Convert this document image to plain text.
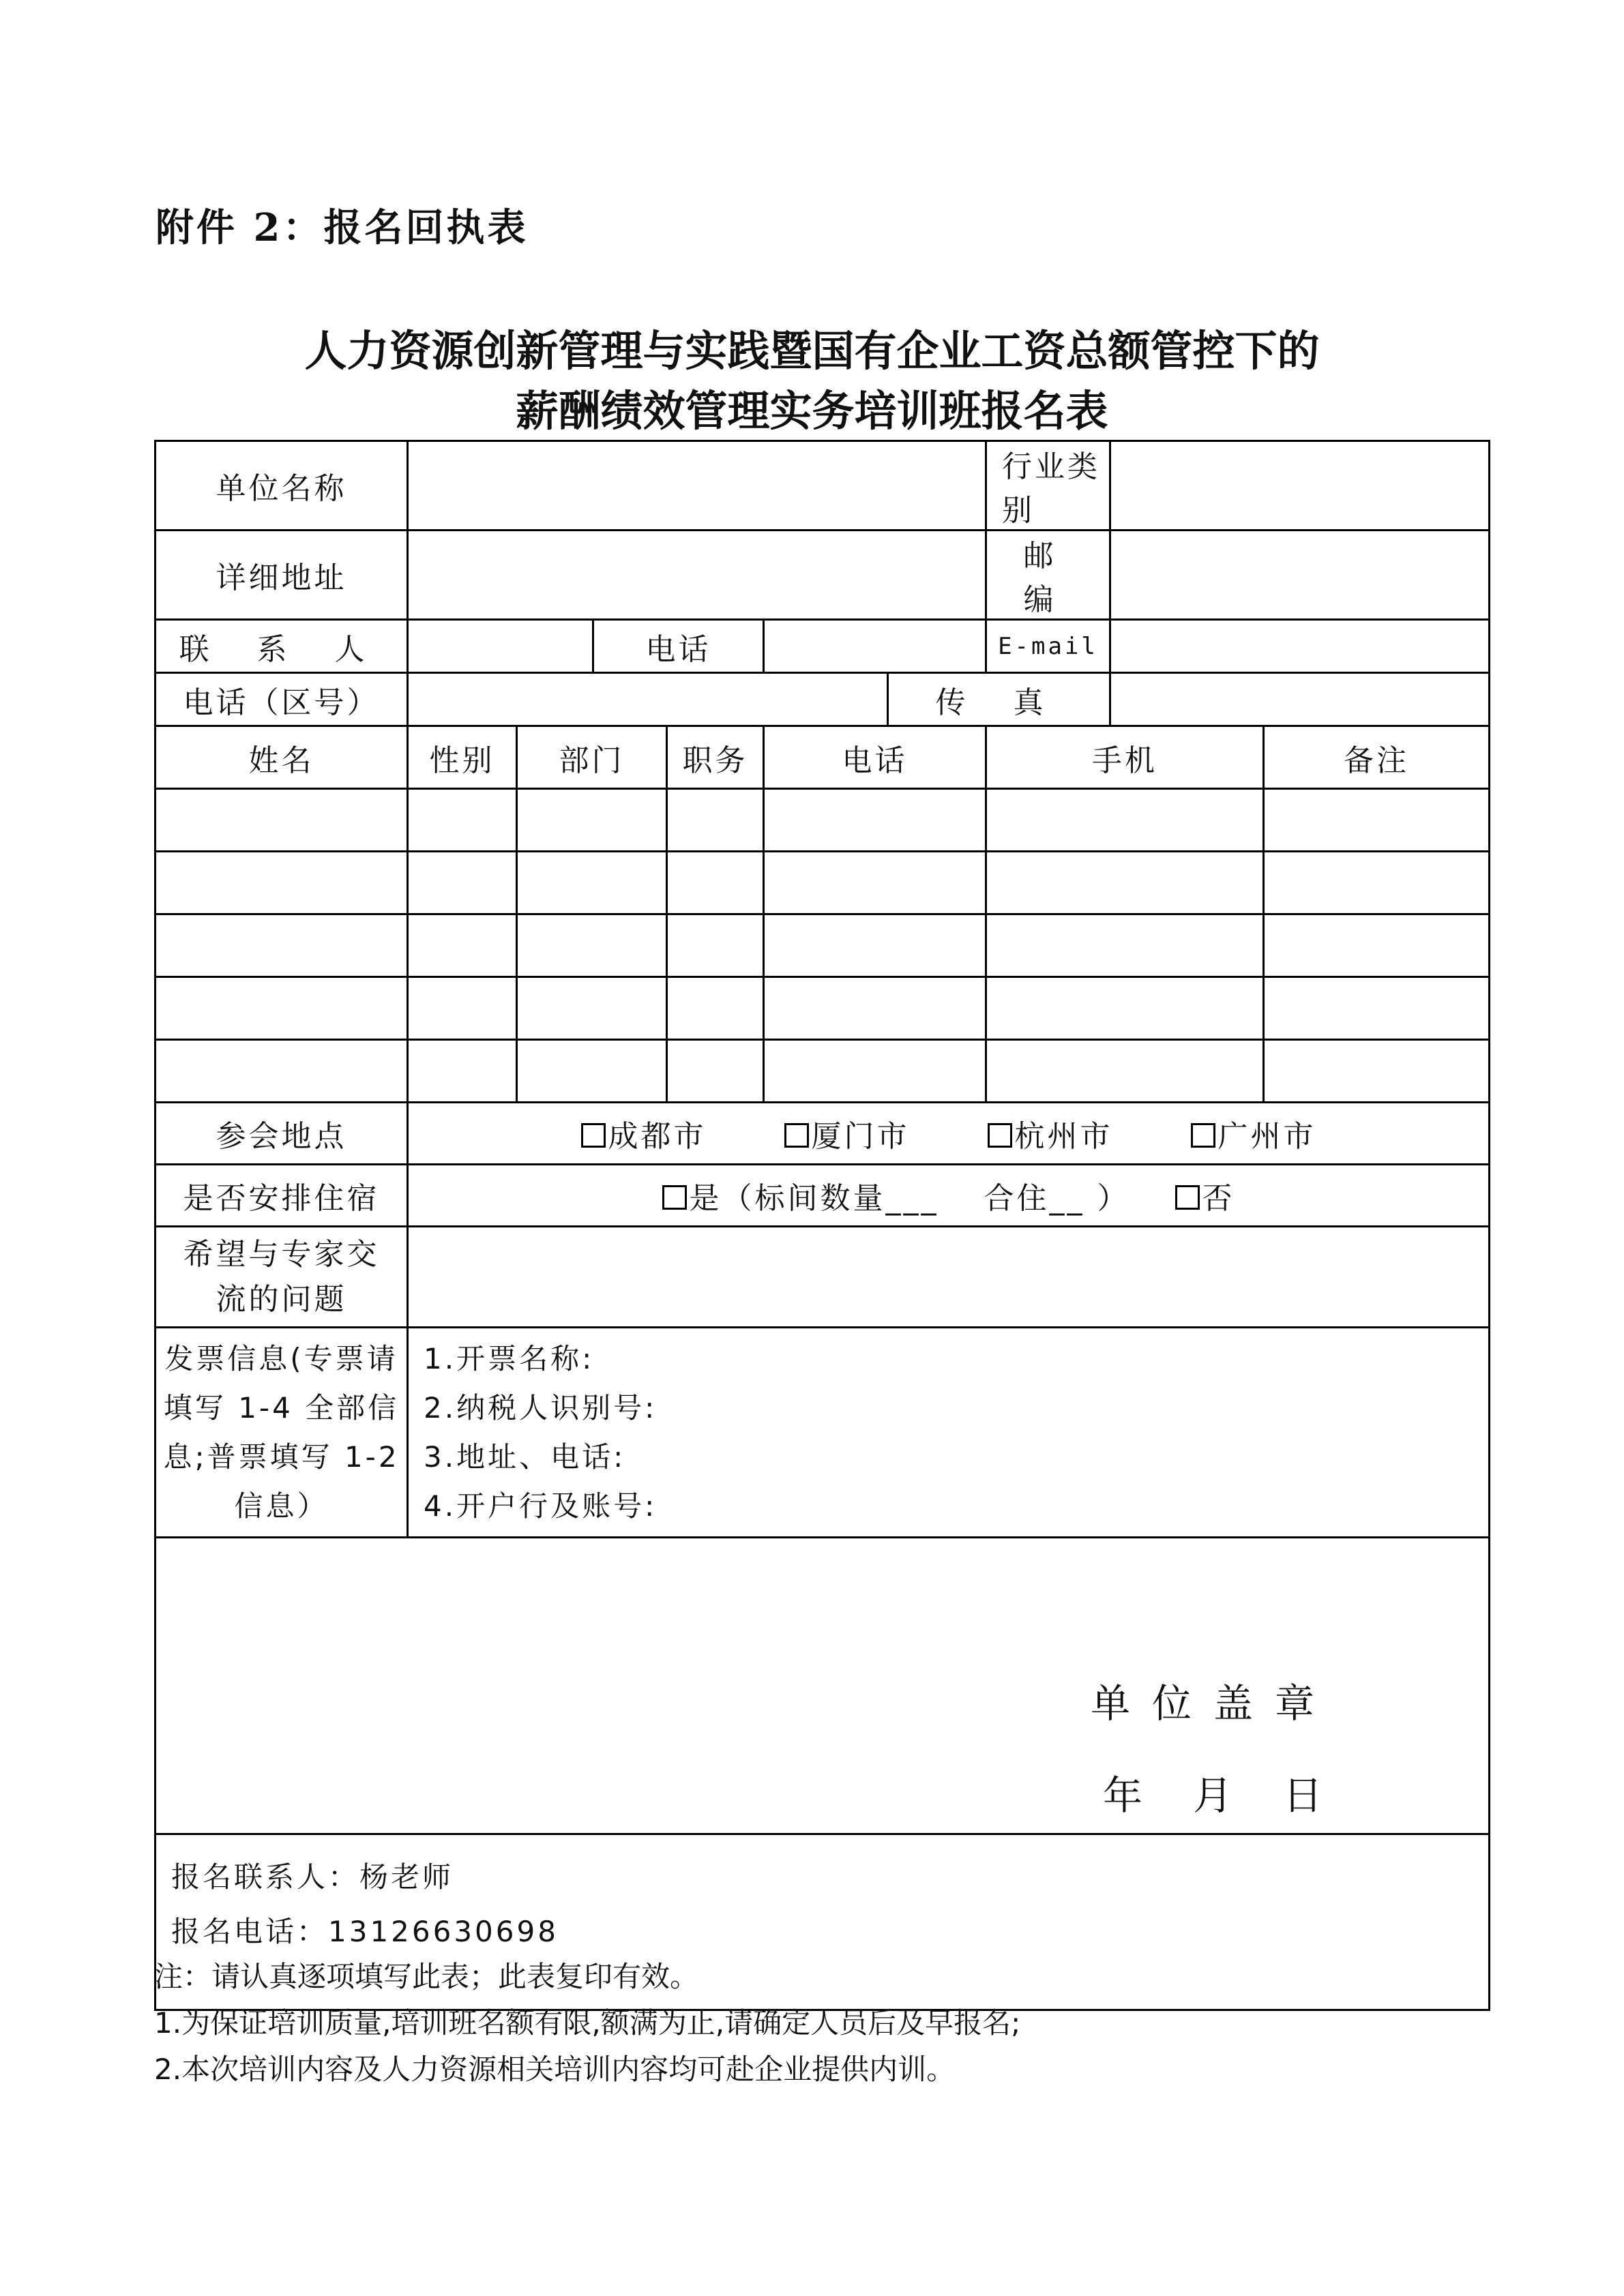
附件 2：报名回执表
人力资源创新管理与实践暨国有企业工资总额管控下的
薪酬绩效管理实务培训班报名表
单位名称							行业类别		
详细地址							邮 编		
联 系 人			电话				E-mail		
电话（区号）						传 真			
姓名	性别	部门		职务	电话		手机		备注

参会地点	成都市 厦门市 杭州市 广州市								
是否安排住宿	是（标间数量___ 合住__ ） 否								
希望与专家交流的问题									
发票信息(专票请填写 1-4 全部信息;普票填写 1-2 信息）	1.开票名称:
2.纳税人识别号:
3.地址、电话:
4.开户行及账号:								

单位盖章
年 月 日									

报名联系人：杨老师
报名电话：13126630698									
注：请认真逐项填写此表；此表复印有效。
1.为保证培训质量,培训班名额有限,额满为止,请确定人员后及早报名;
2.本次培训内容及人力资源相关培训内容均可赴企业提供内训。
